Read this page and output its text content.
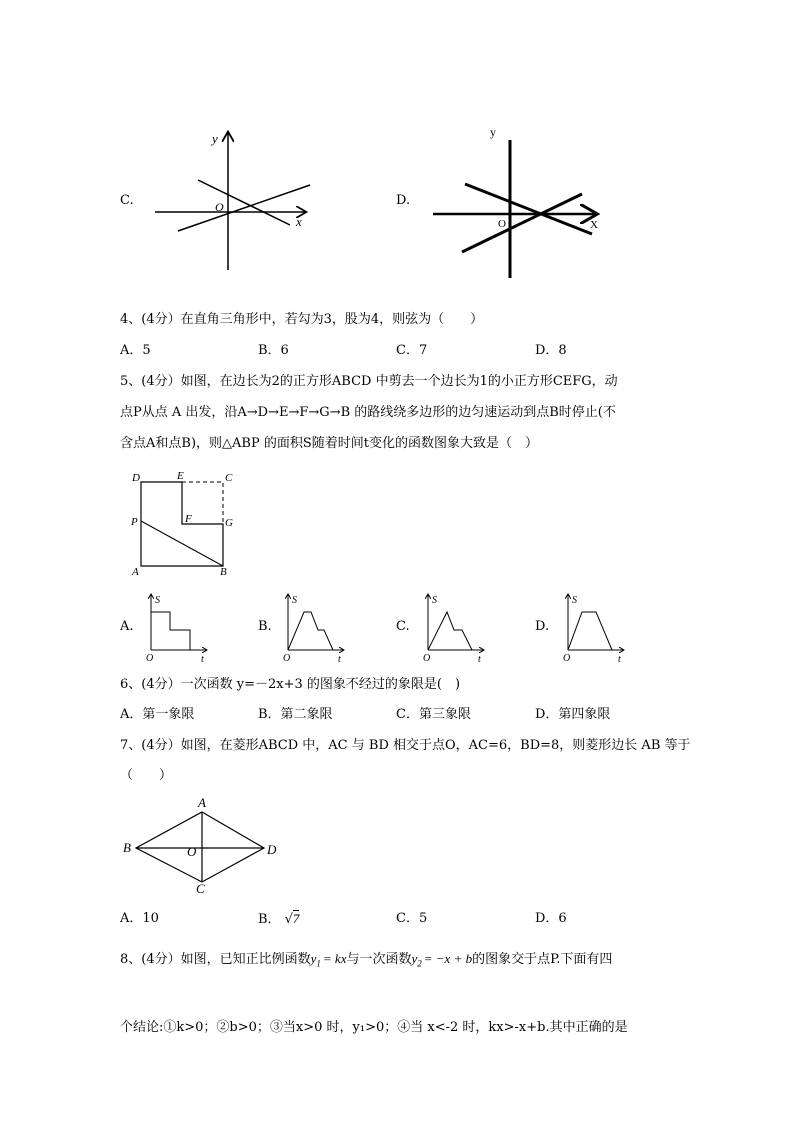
C.
y
x
O	D.
y
X
O
4、(4分）在直角三角形中，若勾为3，股为4，则弦为（　　）
A．5	B．6	C．7	D．8
5、(4分）如图，在边长为2的正方形ABCD 中剪去一个边长为1的小正方形CEFG，动
点P从点 A 出发，沿A→D→E→F→G→B 的路线绕多边形的边匀速运动到点B时停止(不
含点A和点B)，则△ABP 的面积S随着时间t变化的函数图象大致是（　）
D	E	C
F	G
P
A	B
A.
S
t
O
B.
S
t
O
C.
S
t
O
D.
S
t
O
6、(4分）一次函数 y=－2x+3 的图象不经过的象限是(　)
A．第一象限	B．第二象限	C．第三象限	D．第四象限
7、(4分）如图，在菱形ABCD 中，AC 与 BD 相交于点O，AC=6，BD=8，则菱形边长 AB 等于
（　　）
A
B	D
C
O
A．10	B． √7	C．5	D．6
8、(4分）如图，已知正比例函数$y_1$ = kx与一次函数$y_2 = -x + b$的图象交于点P.下面有四
个结论:①k>0；②b>0；③当x>0 时，y₁>0；④当 x<-2 时，kx>-x+b.其中正确的是
